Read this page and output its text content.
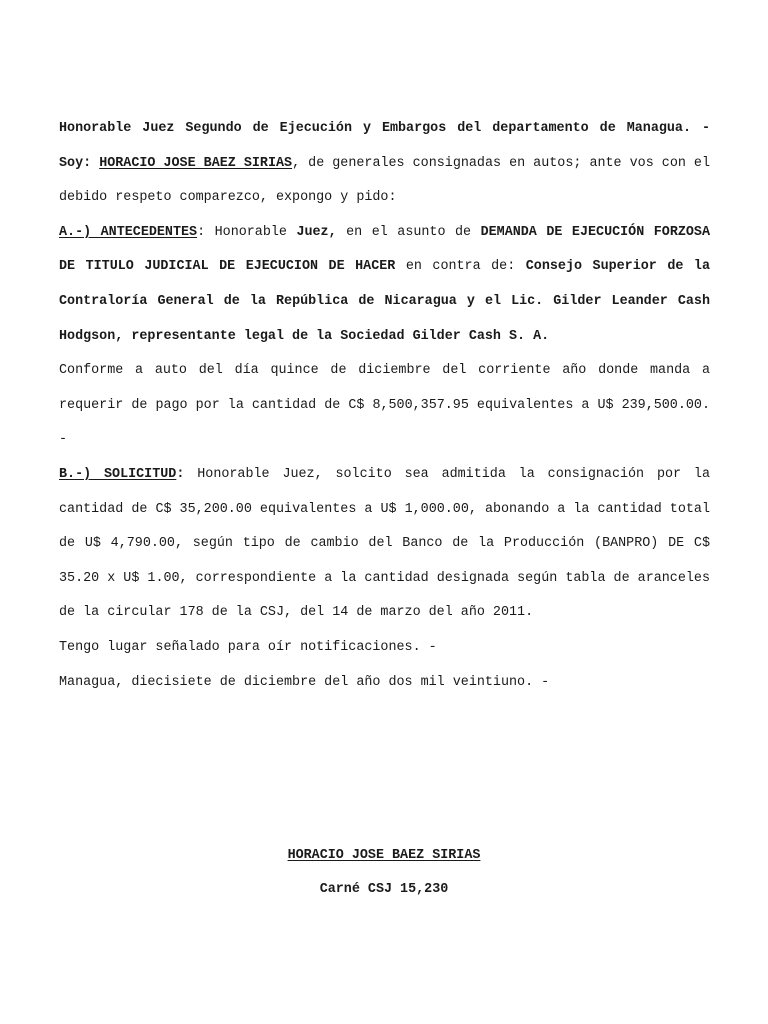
Honorable Juez Segundo de Ejecución y Embargos del departamento de Managua. - Soy: HORACIO JOSE BAEZ SIRIAS, de generales consignadas en autos; ante vos con el debido respeto comparezco, expongo y pido:

A.-) ANTECEDENTES: Honorable Juez, en el asunto de DEMANDA DE EJECUCIÓN FORZOSA DE TITULO JUDICIAL DE EJECUCION DE HACER en contra de: Consejo Superior de la Contraloría General de la República de Nicaragua y el Lic. Gilder Leander Cash Hodgson, representante legal de la Sociedad Gilder Cash S. A.

Conforme a auto del día quince de diciembre del corriente año donde manda a requerir de pago por la cantidad de C$ 8,500,357.95 equivalentes a U$ 239,500.00. -

B.-) SOLICITUD: Honorable Juez, solcito sea admitida la consignación por la cantidad de C$ 35,200.00 equivalentes a U$ 1,000.00, abonando a la cantidad total de U$ 4,790.00, según tipo de cambio del Banco de la Producción (BANPRO) DE C$ 35.20 x U$ 1.00, correspondiente a la cantidad designada según tabla de aranceles de la circular 178 de la CSJ, del 14 de marzo del año 2011.

Tengo lugar señalado para oír notificaciones. -

Managua, diecisiete de diciembre del año dos mil veintiuno. -

HORACIO JOSE BAEZ SIRIAS
Carné CSJ 15,230
